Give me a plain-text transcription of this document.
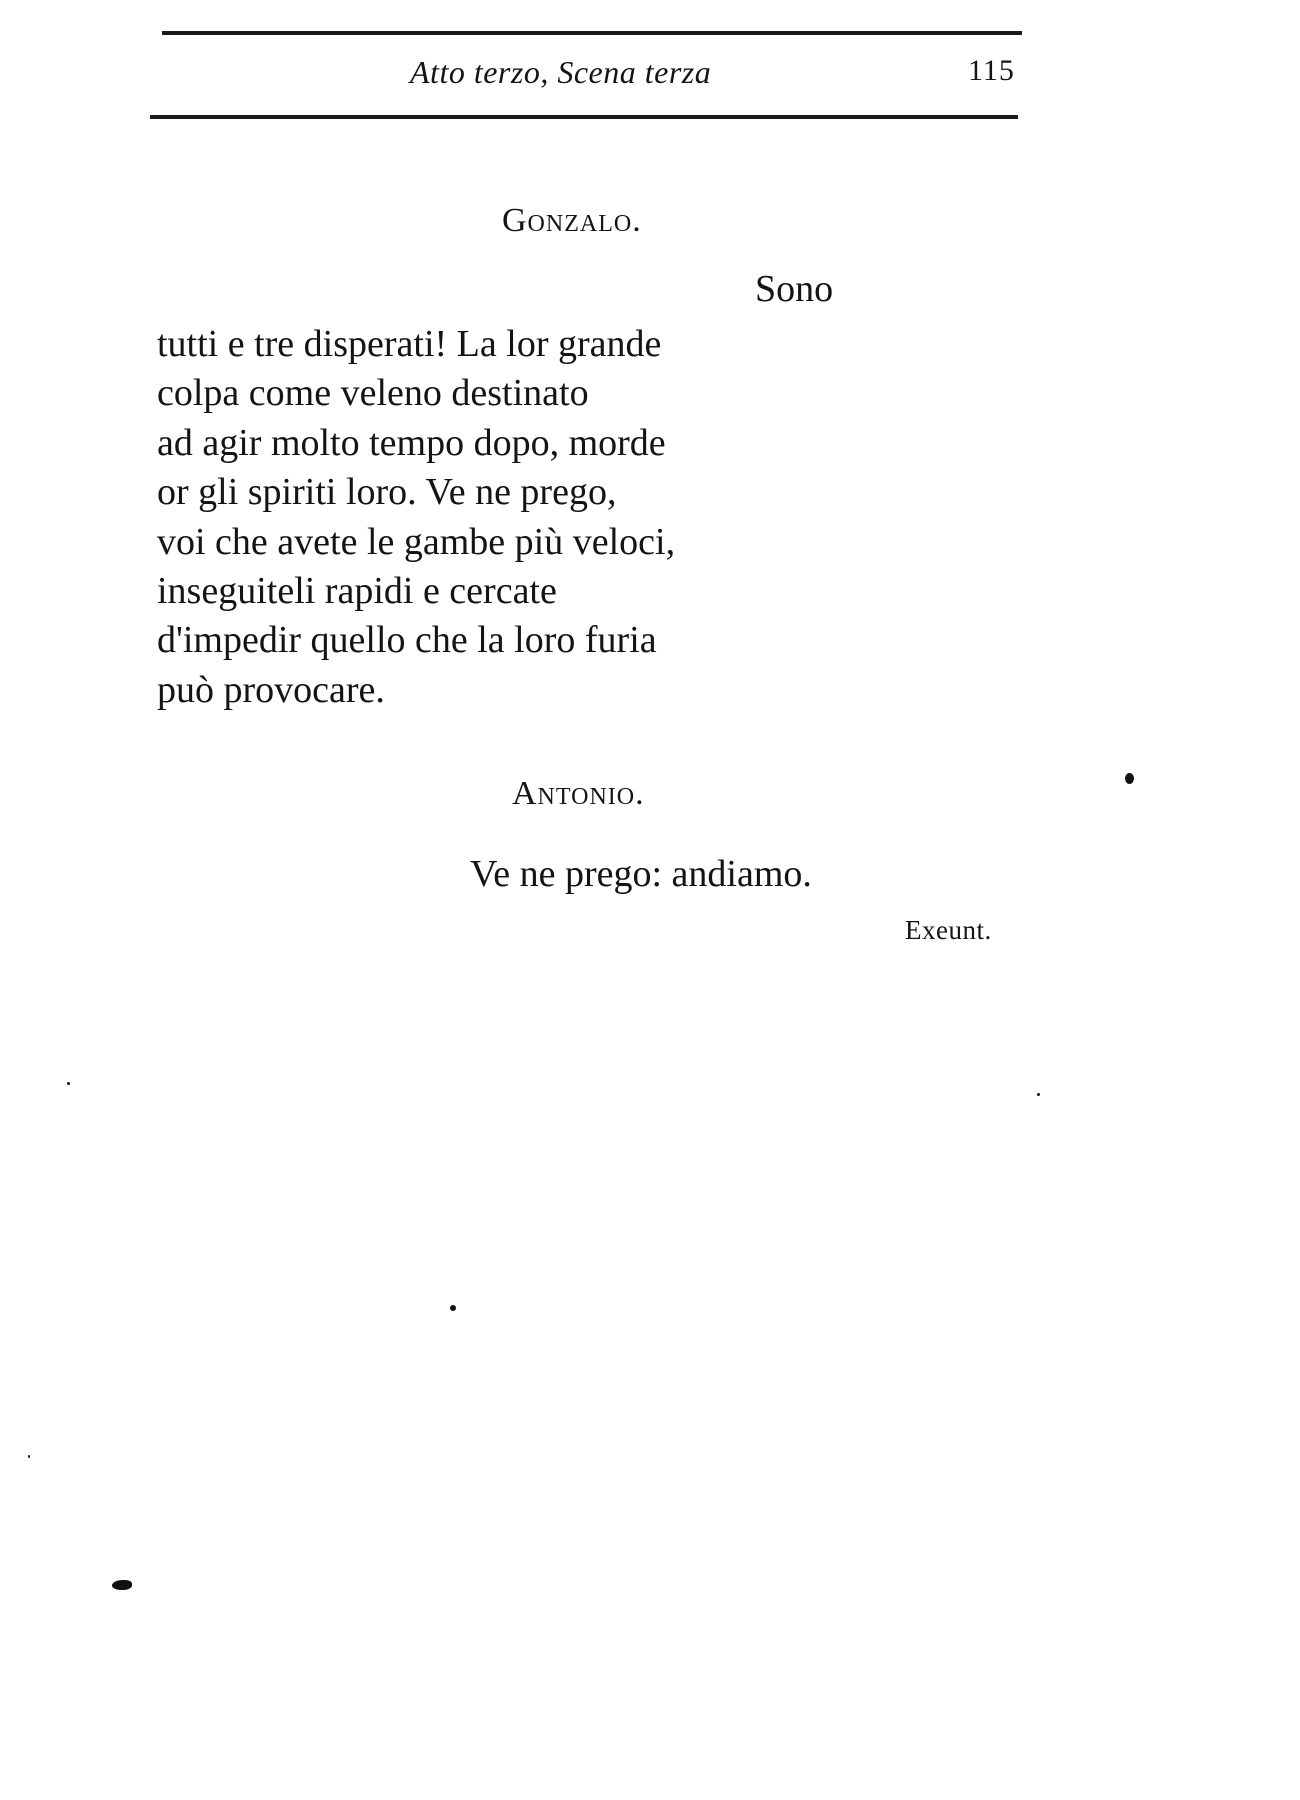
Atto terzo, Scena terza	115
Gonzalo.
Sono
tutti e tre disperati! La lor grande
colpa come veleno destinato
ad agir molto tempo dopo, morde
or gli spiriti loro. Ve ne prego,
voi che avete le gambe più veloci,
inseguiteli rapidi e cercate
d'impedir quello che la loro furia
può provocare.
Antonio.
Ve ne prego: andiamo.
Exeunt.
